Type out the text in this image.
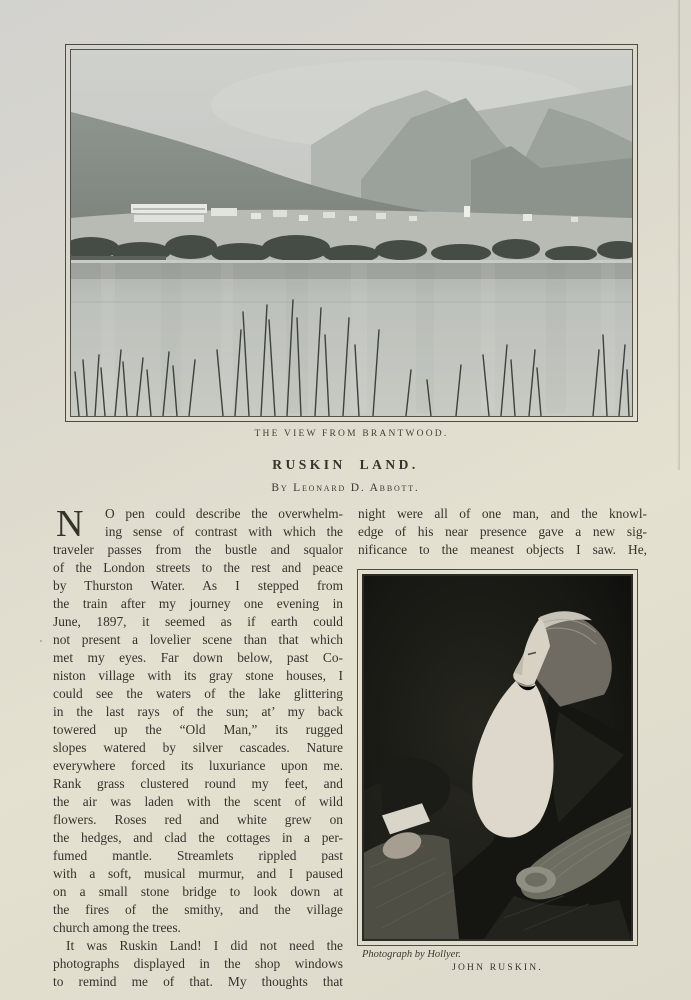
THE VIEW FROM BRANTWOOD.
RUSKIN LAND.
By Leonard D. Abbott.
N	O pen could describe the overwhelm-
ing sense of contrast with which the
traveler passes from the bustle and squalor
of the London streets to the rest and peace
by Thurston Water. As I stepped from
the train after my journey one evening in
June, 1897, it seemed as if earth could
not present a lovelier scene than that which
met my eyes. Far down below, past Co-
niston village with its gray stone houses, I
could see the waters of the lake glittering
in the last rays of the sun; at’ my back
towered up the “Old Man,” its rugged
slopes watered by silver cascades. Nature
everywhere forced its luxuriance upon me.
Rank grass clustered round my feet, and
the air was laden with the scent of wild
flowers. Roses red and white grew on
the hedges, and clad the cottages in a per-
fumed mantle. Streamlets rippled past
with a soft, musical murmur, and I paused
on a small stone bridge to look down at
the fires of the smithy, and the village
church among the trees.
It was Ruskin Land! I did not need the
photographs displayed in the shop windows
to remind me of that. My thoughts that
night were all of one man, and the knowl-
edge of his near presence gave a new sig-
nificance to the meanest objects I saw. He,
Photograph by Hollyer.
JOHN RUSKIN.
